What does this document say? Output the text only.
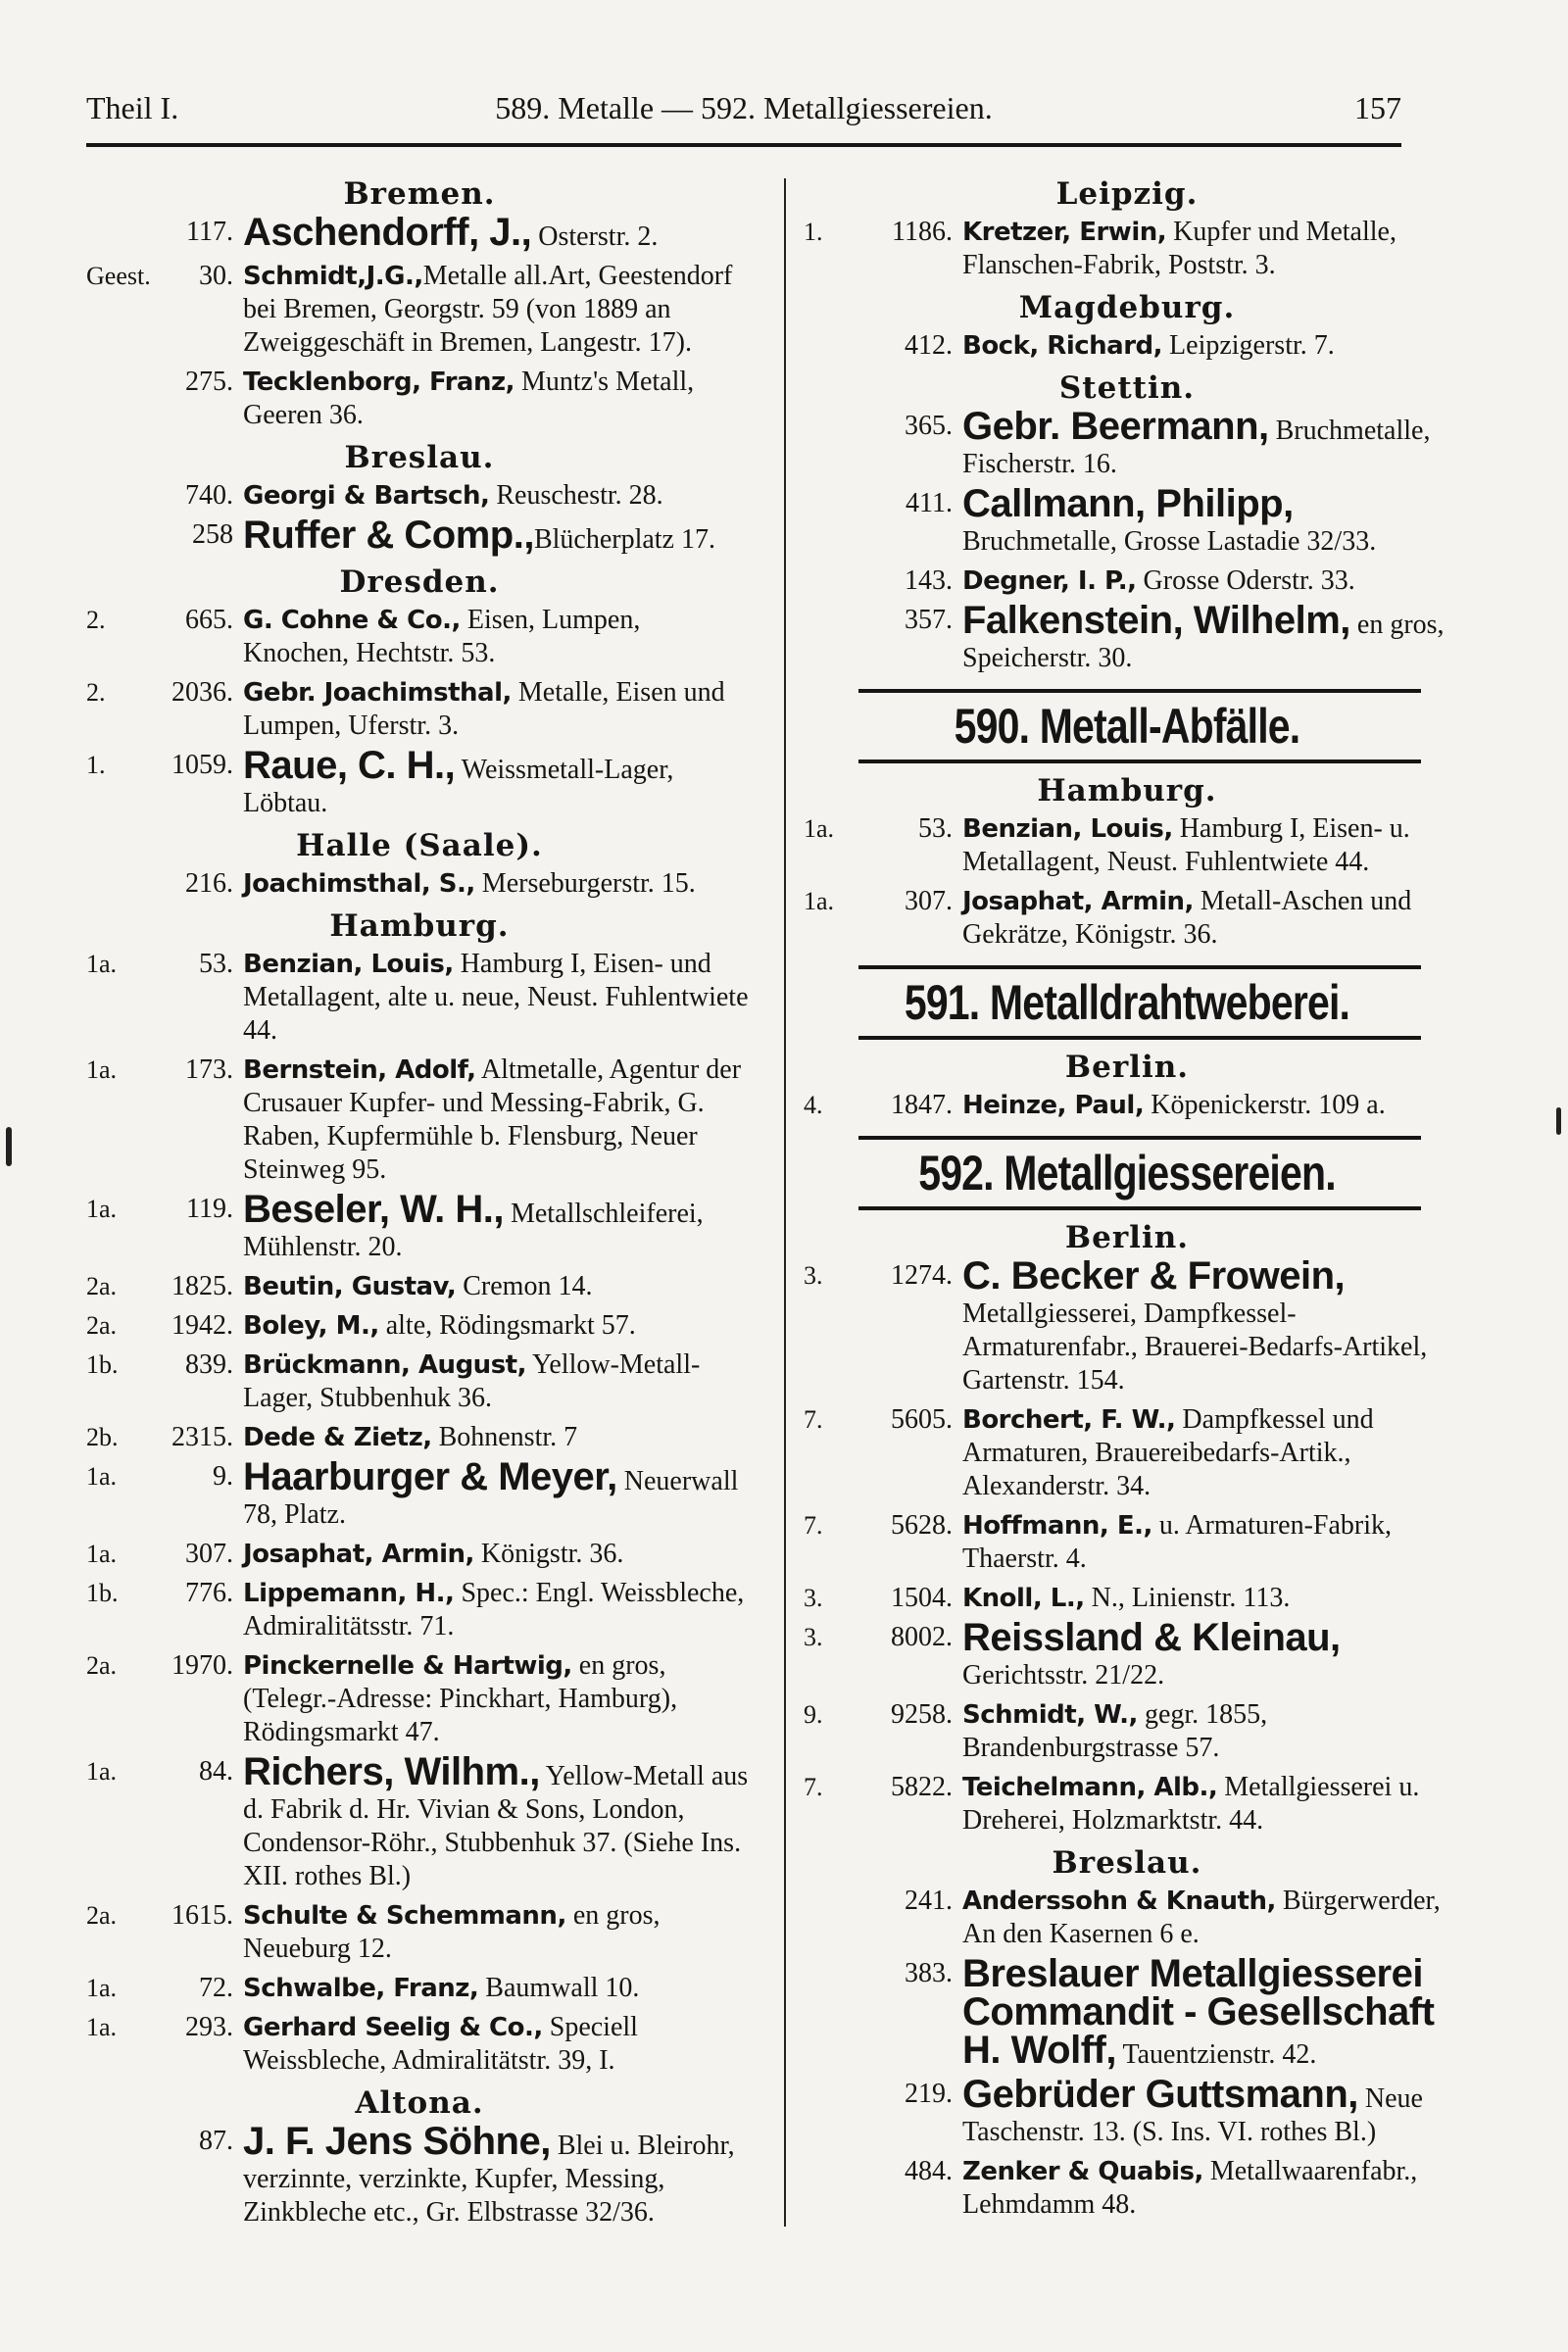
Theil I.	589. Metalle — 592. Metallgiessereien.	157
Bremen.
117. Aschendorff, J., Osterstr. 2.
Geest.	30. Schmidt,J.G.,Metalle all.Art, Geestendorf bei Bremen, Georgstr. 59 (von 1889 an Zweiggeschäft in Bremen, Langestr. 17).
275. Tecklenborg, Franz, Muntz's Metall, Geeren 36.
Breslau.
740. Georgi & Bartsch, Reuschestr. 28.
258 Ruffer & Comp.,Blücherplatz 17.
Dresden.
2.	665. G. Cohne & Co., Eisen, Lumpen, Knochen, Hechtstr. 53.
2.	2036. Gebr. Joachimsthal, Metalle, Eisen und Lumpen, Uferstr. 3.
1.	1059. Raue, C. H., Weissmetall-Lager, Löbtau.
Halle (Saale).
216. Joachimsthal, S., Merseburgerstr. 15.
Hamburg.
1a.	53. Benzian, Louis, Hamburg I, Eisen- und Metallagent, alte u. neue, Neust. Fuhlentwiete 44.
1a.	173. Bernstein, Adolf, Altmetalle, Agentur der Crusauer Kupfer- und Messing-Fabrik, G. Raben, Kupfermühle b. Flensburg, Neuer Steinweg 95.
1a.	119. Beseler, W. H., Metallschleiferei, Mühlenstr. 20.
2a.	1825. Beutin, Gustav, Cremon 14.
2a.	1942. Boley, M., alte, Rödingsmarkt 57.
1b.	839. Brückmann, August, Yellow-Metall-Lager, Stubbenhuk 36.
2b.	2315. Dede & Zietz, Bohnenstr. 7
1a.	9. Haarburger & Meyer, Neuerwall 78, Platz.
1a.	307. Josaphat, Armin, Königstr. 36.
1b.	776. Lippemann, H., Spec.: Engl. Weissbleche, Admiralitätsstr. 71.
2a.	1970. Pinckernelle & Hartwig, en gros, (Telegr.-Adresse: Pinckhart, Hamburg), Rödingsmarkt 47.
1a.	84. Richers, Wilhm., Yellow-Metall aus d. Fabrik d. Hr. Vivian & Sons, London, Condensor-Röhr., Stubbenhuk 37. (Siehe Ins. XII. rothes Bl.)
2a.	1615. Schulte & Schemmann, en gros, Neueburg 12.
1a.	72. Schwalbe, Franz, Baumwall 10.
1a.	293. Gerhard Seelig & Co., Speciell Weissbleche, Admiralitätstr. 39, I.
Altona.
87. J. F. Jens Söhne, Blei u. Bleirohr, verzinnte, verzinkte, Kupfer, Messing, Zinkbleche etc., Gr. Elbstrasse 32/36.
Leipzig.
1.	1186. Kretzer, Erwin, Kupfer und Metalle, Flanschen-Fabrik, Poststr. 3.
Magdeburg.
412. Bock, Richard, Leipzigerstr. 7.
Stettin.
365. Gebr. Beermann, Bruchmetalle, Fischerstr. 16.
411. Callmann, Philipp, Bruchmetalle, Grosse Lastadie 32/33.
143. Degner, I. P., Grosse Oderstr. 33.
357. Falkenstein, Wilhelm, en gros, Speicherstr. 30.
590. Metall-Abfälle.
Hamburg.
1a.	53. Benzian, Louis, Hamburg I, Eisen- u. Metallagent, Neust. Fuhlentwiete 44.
1a.	307. Josaphat, Armin, Metall-Aschen und Gekrätze, Königstr. 36.
591. Metalldrahtweberei.
Berlin.
4.	1847. Heinze, Paul, Köpenickerstr. 109 a.
592. Metallgiessereien.
Berlin.
3.	1274. C. Becker & Frowein, Metallgiesserei, Dampfkessel-Armaturenfabr., Brauerei-Bedarfs-Artikel, Gartenstr. 154.
7.	5605. Borchert, F. W., Dampfkessel und Armaturen, Brauereibedarfs-Artik., Alexanderstr. 34.
7.	5628. Hoffmann, E., u. Armaturen-Fabrik, Thaerstr. 4.
3.	1504. Knoll, L., N., Linienstr. 113.
3.	8002. Reissland & Kleinau, Gerichtsstr. 21/22.
9.	9258. Schmidt, W., gegr. 1855, Brandenburgstrasse 57.
7.	5822. Teichelmann, Alb., Metallgiesserei u. Dreherei, Holzmarktstr. 44.
Breslau.
241. Anderssohn & Knauth, Bürgerwerder, An den Kasernen 6 e.
383. Breslauer Metallgiesserei Commandit - Gesellschaft H. Wolff, Tauentzienstr. 42.
219. Gebrüder Guttsmann, Neue Taschenstr. 13. (S. Ins. VI. rothes Bl.)
484. Zenker & Quabis, Metallwaarenfabr., Lehmdamm 48.
